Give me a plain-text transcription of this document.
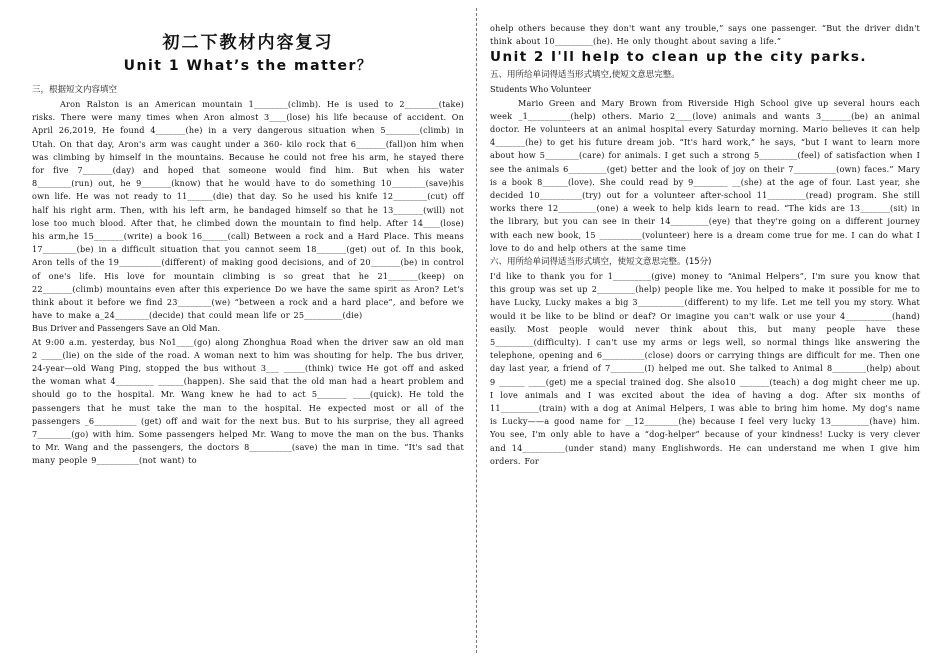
初二下教材内容复习
Unit 1 What’s the matter？
三，根据短文内容填空

Aron Ralston is an American mountain 1________(climb). He is used to 2________(take) risks. There were many times when Aron almost 3____(lose) his life because of accident. On April 26,2019, He found 4_______(he) in a very dangerous situation when 5________(climb) in Utah. On that day, Aron's arm was caught under a 360- kilo rock that 6_______(fall)on him when was climbing by himself in the mountains. Because he could not free his arm, he stayed there for five 7_______(day) and hoped that someone would find him. But when his water 8________(run) out, he 9_______(know) that he would have to do something 10________(save)his own life. He was not ready to 11______(die) that day. So he used his knife 12________(cut) off half his right arm. Then, with his left arm, he bandaged himself so that he 13_______(will) not lose too much blood. After that, he climbed down the mountain to find help. After 14____(lose) his arm,he 15_______(write) a book 16______(call) Between a rock and a Hard Place. This means 17________(be) in a difficult situation that you cannot seem 18_______(get) out of. In this book, Aron tells of the 19__________(different) of making good decisions, and of 20_______(be) in control of one's life. His love for mountain climbing is so great that he 21_______(keep) on 22_______(climb) mountains even after this experience Do we have the same spirit as Aron? Let's think about it before we find 23________(we) “between a rock and a hard place”, and before we have to make a_24________(decide) that could mean life or 25_________(die)

Bus Driver and Passengers Save an Old Man.

At 9:00 a.m. yesterday, bus No1____(go) along Zhonghua Road when the driver saw an old man 2 _____(lie) on the side of the road. A woman next to him was shouting for help. The bus driver, 24-year—old Wang Ping, stopped the bus without 3___ _____(think) twice He got off and asked the woman what 4_________ ______(happen). She said that the old man had a heart problem and should go to the hospital. Mr. Wang knew he had to act 5_______ ____(quick). He told the passengers that he must take the man to the hospital. He expected most or all of the passengers _6__________ (get) off and wait for the next bus. But to his surprise, they all agreed 7________(go) with him. Some passengers helped Mr. Wang to move the man on the bus. Thanks to Mr. Wang and the passengers, the doctors 8__________(save) the man in time. “It's sad that many people 9__________(not want) to

ohelp others because they don't want any trouble,” says one passenger. “But the driver didn't think about 10_________(he). He only thought about saving a life.”

Unit 2 I'll help to clean up the city parks.
五、用所给单词得适当形式填空,使短文意思完整。

Students Who Volunteer

Mario Green and Mary Brown from Riverside High School give up several hours each week _1__________(help) others. Mario 2____(love) animals and wants 3_______(be) an animal doctor. He volunteers at an animal hospital every Saturday morning. Mario believes it can help 4_______(he) to get his future dream job. “It's hard work,” he says, “but I want to learn more about how 5________(care) for animals. I get such a strong 5_________(feel) of satisfaction when I see the animals 6_________(get) better and the look of joy on their 7__________(own) faces.” Mary is a book 8______(love). She could read by 9________ __(she) at the age of four. Last year, she decided 10__________(try) out for a volunteer after-school 11_________(read) program. She still works there 12_________(one) a week to help kids learn to read. “The kids are 13_______(sit) in the library, but you can see in their 14_________(eye) that they're going on a different journey with each new book, 15 __________(volunteer) here is a dream come true for me. I can do what I love to do and help others at the same time

六、用所给单词得适当形式填空，使短文意思完整。(15分)

I'd like to thank you for 1_________(give) money to “Animal Helpers”, I'm sure you know that this group was set up 2_________(help) people like me. You helped to make it possible for me to have Lucky, Lucky makes a big 3___________(different) to my life. Let me tell you my story. What would it be like to be blind or deaf? Or imagine you can't walk or use your 4___________(hand) easily. Most people would never think about this, but many people have these 5_________(difficulty). I can't use my arms or legs well, so normal things like answering the telephone, opening and 6__________(close) doors or carrying things are difficult for me. Then one day last year, a friend of 7________(I) helped me out. She talked to Animal 8________(help) about 9 ______ ____(get) me a special trained dog. She also10 _______(teach) a dog might cheer me up. I love animals and I was excited about the idea of having a dog. After six months of 11_________(train) with a dog at Animal Helpers, I was able to bring him home. My dog's name is Lucky——a good name for __12________(he) because I feel very lucky 13_________(have) him. You see, I'm only able to have a “dog-helper” because of your kindness! Lucky is very clever and 14__________(under stand) many Englishwords. He can understand me when I give him orders. For
